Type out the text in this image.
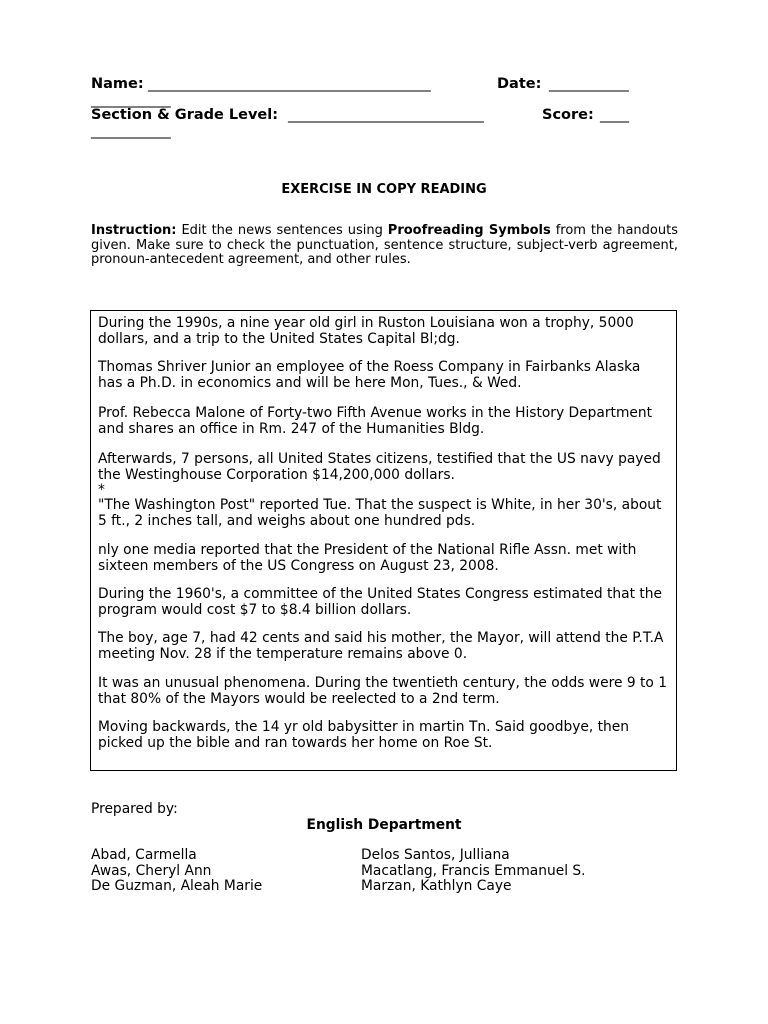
Name: _______________________________________	Date: ___________
___________
Section & Grade Level: ___________________________	Score: ____
___________
EXERCISE IN COPY READING
Instruction: Edit the news sentences using Proofreading Symbols from the handouts given. Make sure to check the punctuation, sentence structure, subject-verb agreement, pronoun-antecedent agreement, and other rules.
During the 1990s, a nine year old girl in Ruston Louisiana won a trophy, 5000 dollars, and a trip to the United States Capital Bl;dg.
Thomas Shriver Junior an employee of the Roess Company in Fairbanks Alaska has a Ph.D. in economics and will be here Mon, Tues., & Wed.
Prof. Rebecca Malone of Forty-two Fifth Avenue works in the History Department and shares an office in Rm. 247 of the Humanities Bldg.
Afterwards, 7 persons, all United States citizens, testified that the US navy payed the Westinghouse Corporation $14,200,000 dollars.
*
"The Washington Post" reported Tue. That the suspect is White, in her 30's, about 5 ft., 2 inches tall, and weighs about one hundred pds.
nly one media reported that the President of the National Rifle Assn. met with sixteen members of the US Congress on August 23, 2008.
During the 1960's, a committee of the United States Congress estimated that the program would cost $7 to $8.4 billion dollars.
The boy, age 7, had 42 cents and said his mother, the Mayor, will attend the P.T.A meeting Nov. 28 if the temperature remains above 0.
It was an unusual phenomena. During the twentieth century, the odds were 9 to 1 that 80% of the Mayors would be reelected to a 2nd term.
Moving backwards, the 14 yr old babysitter in martin Tn. Said goodbye, then picked up the bible and ran towards her home on Roe St.
Prepared by:
English Department
Abad, Carmella
Awas, Cheryl Ann
De Guzman, Aleah Marie
Delos Santos, Julliana
Macatlang, Francis Emmanuel S.
Marzan, Kathlyn Caye
